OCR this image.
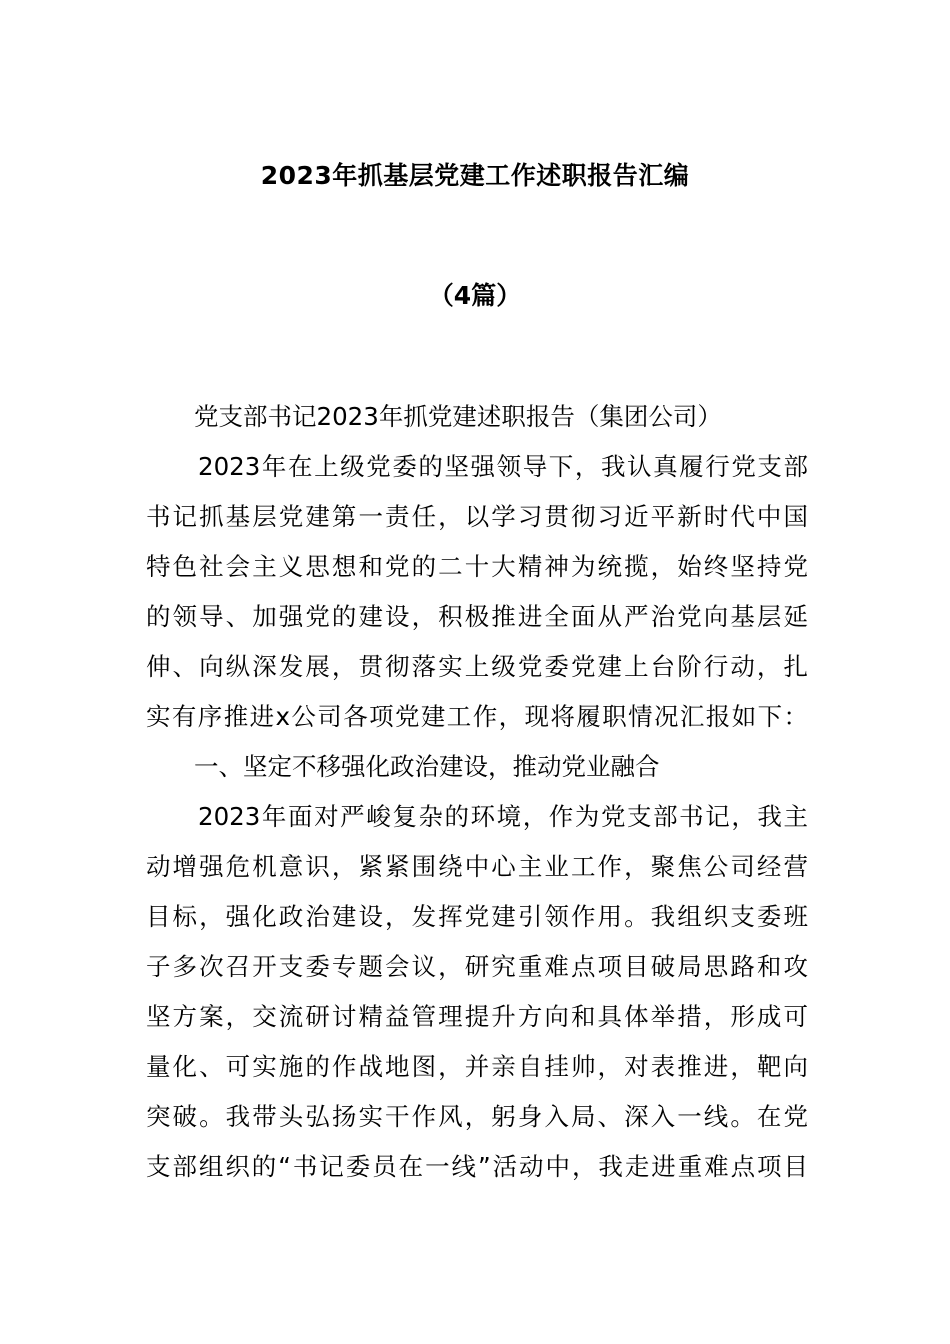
2023年抓基层党建工作述职报告汇编
（4篇）
党支部书记2023年抓党建述职报告（集团公司）
2023年在上级党委的坚强领导下，我认真履行党支部
书记抓基层党建第一责任，以学习贯彻习近平新时代中国
特色社会主义思想和党的二十大精神为统揽，始终坚持党
的领导、加强党的建设，积极推进全面从严治党向基层延
伸、向纵深发展，贯彻落实上级党委党建上台阶行动，扎
实有序推进x公司各项党建工作，现将履职情况汇报如下：
一、坚定不移强化政治建设，推动党业融合
2023年面对严峻复杂的环境，作为党支部书记，我主
动增强危机意识，紧紧围绕中心主业工作，聚焦公司经营
目标，强化政治建设，发挥党建引领作用。我组织支委班
子多次召开支委专题会议，研究重难点项目破局思路和攻
坚方案，交流研讨精益管理提升方向和具体举措，形成可
量化、可实施的作战地图，并亲自挂帅，对表推进，靶向
突破。我带头弘扬实干作风，躬身入局、深入一线。在党
支部组织的“书记委员在一线”活动中，我走进重难点项目
